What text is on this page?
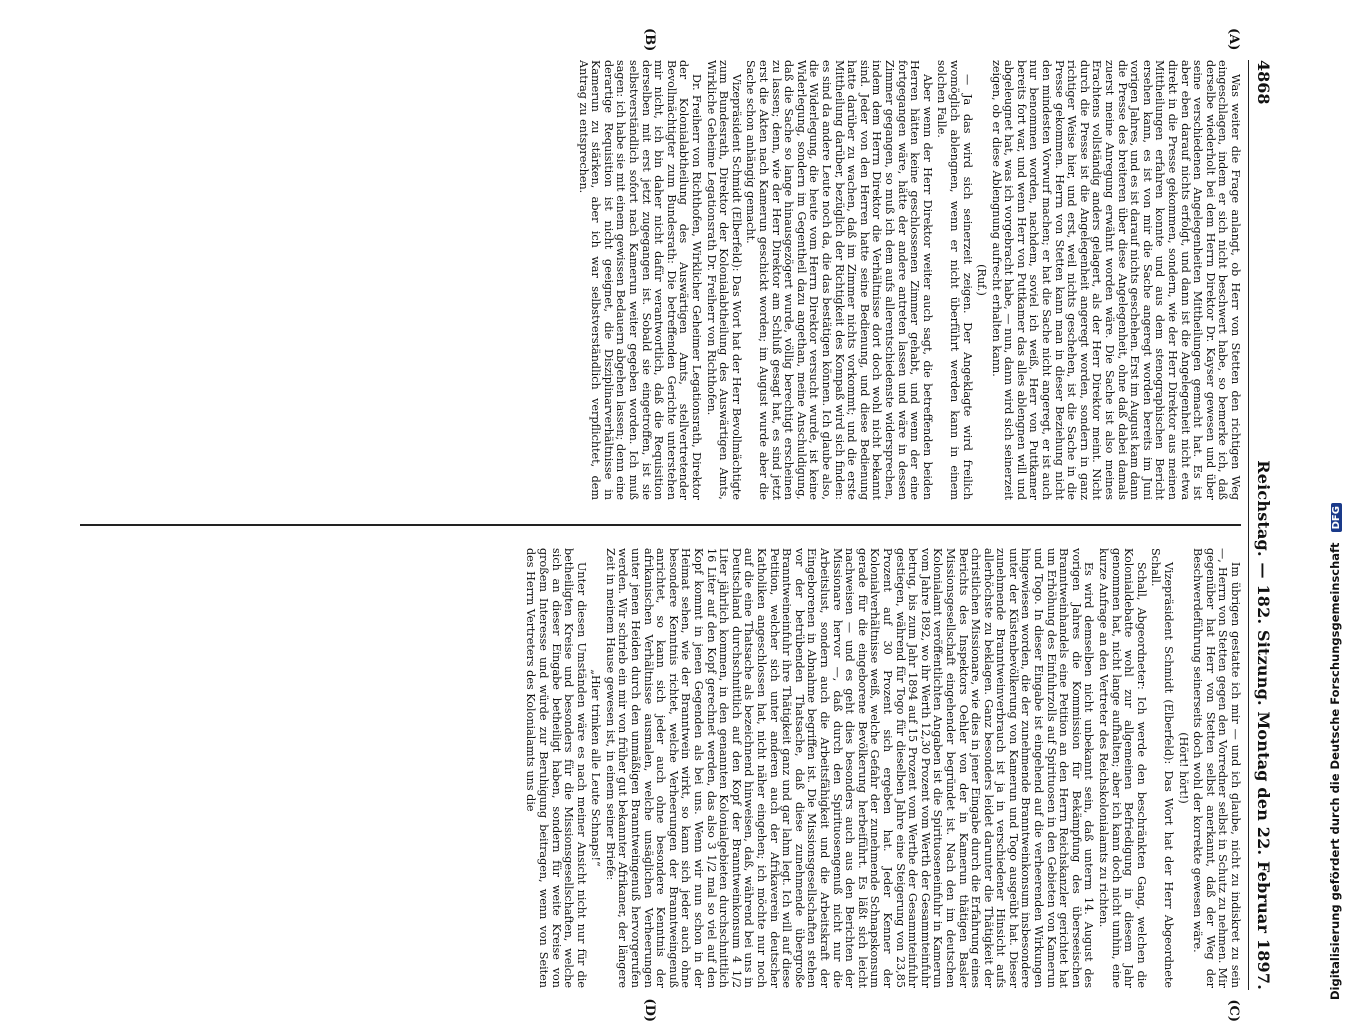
4868
Reichstag. — 182. Sitzung. Montag den 22. Februar 1897.
(A)
(B)
(C)
(D)

Was weiter die Frage anlangt, ob Herr von Stetten den richtigen Weg eingeschlagen, indem er sich nicht beschwert habe, so bemerke ich, daß derselbe wiederholt bei dem Herrn Direktor Dr. Kayser gewesen und über seine verschiedenen Angelegenheiten Mittheilungen gemacht hat. Es ist aber eben darauf nichts erfolgt, und dann ist die Angelegenheit nicht etwa direkt in die Presse gekommen, sondern, wie der Herr Direktor aus meinen Mittheilungen erfahren konnte und aus dem stenographischen Bericht ersehen kann, es ist von mir die Sache angeregt worden bereits im Juni vorigen Jahres, und es ist darauf nichts geschehen. Erst im August kam dann die Presse des breiteren über diese Angelegenheit, ohne daß dabei damals zuerst meine Anregung erwähnt worden wäre. Die Sache ist also meines Erachtens vollständig anders gelagert, als der Herr Direktor meint. Nicht durch die Presse ist die Angelegenheit angeregt worden, sondern in ganz richtiger Weise hier, und erst, weil nichts geschehen, ist die Sache in die Presse gekommen. Herrn von Stetten kann man in dieser Beziehung nicht den mindesten Vorwurf machen; er hat die Sache nicht angeregt, er ist auch nur benommen worden, nachdem, soviel ich weiß, Herr von Puttkamer bereits fort war, und wenn Herr von Puttkamer das alles ablengnen will und abgeleugnet hat, was ich vorgebracht habe, — nun, dann wird sich seinerzeit zeigen, ob er diese Ablengnung aufrecht erhalten kann.

(Ruf.)

— Ja das wird sich seinerzeit zeigen. Der Angeklagte wird freilich womöglich ablengnen, wenn er nicht überführt werden kann in einem solchen Falle.

Aber wenn der Herr Direktor weiter auch sagt, die betreffenden beiden Herren hätten keine geschlossenen Zimmer gehabt, und wenn der eine fortgegangen wäre, hätte der andere antreten lassen und wäre in dessen Zimmer gegangen, so muß ich dem aufs allerentschiedenste widersprechen, indem dem Herrn Direktor die Verhältnisse dort doch wohl nicht bekannt sind. Jeder von den Herren hatte seine Bedienung, und diese Bedienung hatte darüber zu wachen, daß im Zimmer nichts vorkommt; und die erste Mittheilung darüber, bezüglich der Richtigkeit des Kompaß wird sich finden: es sind da andere Leute noch da, die das bestätigen können. Ich glaube also, die Widerlegung, die heute vom Herrn Direktor versucht wurde, ist keine Widerlegung, sondern im Gegentheil dazu angethan, meine Anschuldigung, daß die Sache so lange hinausgezögert wurde, völlig berechtigt erscheinen zu lassen; denn, wie der Herr Direktor am Schluß gesagt hat, es sind jetzt erst die Akten nach Kamerun geschickt worden; im August wurde aber die Sache schon anhängig gemacht.

Vizepräsident Schmidt (Elberfeld): Das Wort hat der Herr Bevollmächtigte zum Bundesrath, Direktor der Kolonialabtheilung des Auswärtigen Amts, Wirkliche Geheime Legationsrath Dr. Freiherr von Richthofen.

Dr. Freiherr von Richthofen, Wirklicher Geheimer Legationsrath, Direktor der Kolonialabtheilung des Auswärtigen Amts, stellvertretender Bevollmächtigter zum Bundesrath: Die betreffenden Gerichte unterstehen mir nicht, ich bin daher nicht dafür verantwortlich, daß die Requisition derselben mit erst jetzt zugegangen ist. Sobald sie eingetroffen, ist sie selbstverständlich sofort nach Kamerun weiter gegeben worden. Ich muß sagen: ich habe sie mit einem gewissen Bedauern abgehen lassen; denn eine derartige Requisition ist nicht geeignet, die Disziplinarverhältnisse in Kamerun zu stärken, aber ich war selbstverständlich verpflichtet, dem Antrag zu entsprechen.

Im übrigen gestatte ich mir — und ich glaube, nicht zu indiskret zu sein —, Herrn von Stetten gegen den Vorredner selbst in Schutz zu nehmen. Mir gegenüber hat Herr von Stetten selbst anerkannt, daß der Weg der Beschwerdeführung seinerseits doch wohl der korrekte gewesen wäre.

(Hört! hört!)

Vizepräsident Schmidt (Elberfeld): Das Wort hat der Herr Abgeordnete Schall.

Schall, Abgeordneter: Ich werde den beschränkten Gang, welchen die Kolonialdebatte wohl zur allgemeinen Befriedigung in diesem Jahr genommen hat, nicht lange aufhalten; aber ich kann doch nicht umhin, eine kurze Anfrage an den Vertreter des Reichskolonialamts zu richten.

Es wird demselben nicht unbekannt sein, daß unterm 14. August des vorigen Jahres die Kommission für Bekämpfung des überseeischen Branntweinhandels eine Petition an den Herrn Reichskanzler gerichtet hat um Erhöhung des Einfuhrzolls auf Spirituosen in den Gebieten von Kamerun und Togo. In dieser Eingabe ist eingehend auf die verheerenden Wirkungen hingewiesen worden, die der zunehmende Branntweinkonsum insbesondere unter der Küstenbevölkerung von Kamerun und Togo ausgeübt hat. Dieser zunehmende Branntweinverbrauch ist ja in verschiedener Hinsicht aufs allerhöchste zu beklagen. Ganz besonders leidet darunter die Thätigkeit der christlichen Missionare, wie dies in jener Eingabe durch die Erfahrung eines Berichts des Inspektors Oehler von der in Kamerun thätigen Basler Missionsgesellschaft eingehender begründet ist. Nach den im deutschen Kolonialamt veröffentlichten Angaben ist die Spirituoseneinfuhr in Kamerun vom Jahre 1892, wo ihr Werth 12,30 Prozent vom Werth der Gesammteinfuhr betrug, bis zum Jahr 1894 auf 15 Prozent vom Werthe der Gesammteinfuhr gestiegen, während für Togo für dieselben Jahre eine Steigerung von 23,85 Prozent auf 30 Prozent sich ergeben hat. Jeder Kenner der Kolonialverhältnisse weiß, welche Gefahr der zunehmende Schnapskonsum gerade für die eingeborene Bevölkerung herbeiführt. Es läßt sich leicht nachweisen — und es geht dies besonders auch aus den Berichten der Missionare hervor —, daß durch den Spirituosengenuß nicht nur die Arbeitslust, sondern auch die Arbeitsfähigkeit und die Arbeitskraft der Eingeborenen in Abnahme begriffen ist. Die Missionsgesellschaften stehen vor der betrübenden Thatsache, daß diese zunehmende übergroße Branntweineinfuhr ihre Thätigkeit ganz und gar lahm legt. Ich will auf diese Petition, welcher sich unter anderen auch der Afrikaverein deutscher Katholiken angeschlossen hat, nicht näher eingehen; ich möchte nur noch auf die eine Thatsache als bezeichnend hinweisen, daß, während bei uns in Deutschland durchschnittlich auf den Kopf der Branntweinkonsum 4 1/2 Liter jährlich kommen, in den genannten Kolonialgebieten durchschnittlich 16 Liter auf den Kopf gerechnet werden, das also 3 1/2 mal so viel auf den Kopf kommt in jenen Gegenden als bei uns. Wenn wir nun schon in der Heimat sehen, wie der Branntwein wirkt, so kann sich jeder auch ohne besondere Kenntnis richtet, welche Verheerungen der Branntweingenuß anrichtet, so kann sich jeder auch ohne besondere Kenntnis der afrikanischen Verhältnisse ausmalen, welche unsäglichen Verheerungen unter jenen Heiden durch den unmäßigen Branntweingenuß hervorgerufen werden. Wir schrieb ein mir von früher gut bekannter Afrikaner, der längere Zeit in meinem Hause gewesen ist, in einem seiner Briefe:

„Hier trinken alle Leute Schnaps!“

Unter diesen Umständen wäre es nach meiner Ansicht nicht nur für die betheiligten Kreise und besonders für die Missionsgesellschaften, welche sich an dieser Eingabe betheiligt haben, sondern für weite Kreise von großem Interesse und würde zur Beruhigung beitragen, wenn von Seiten des Herrn Vertreters des Kolonialamts uns die	Digitalisierung gefördert durch die Deutsche Forschungsgemeinschaft DFG
